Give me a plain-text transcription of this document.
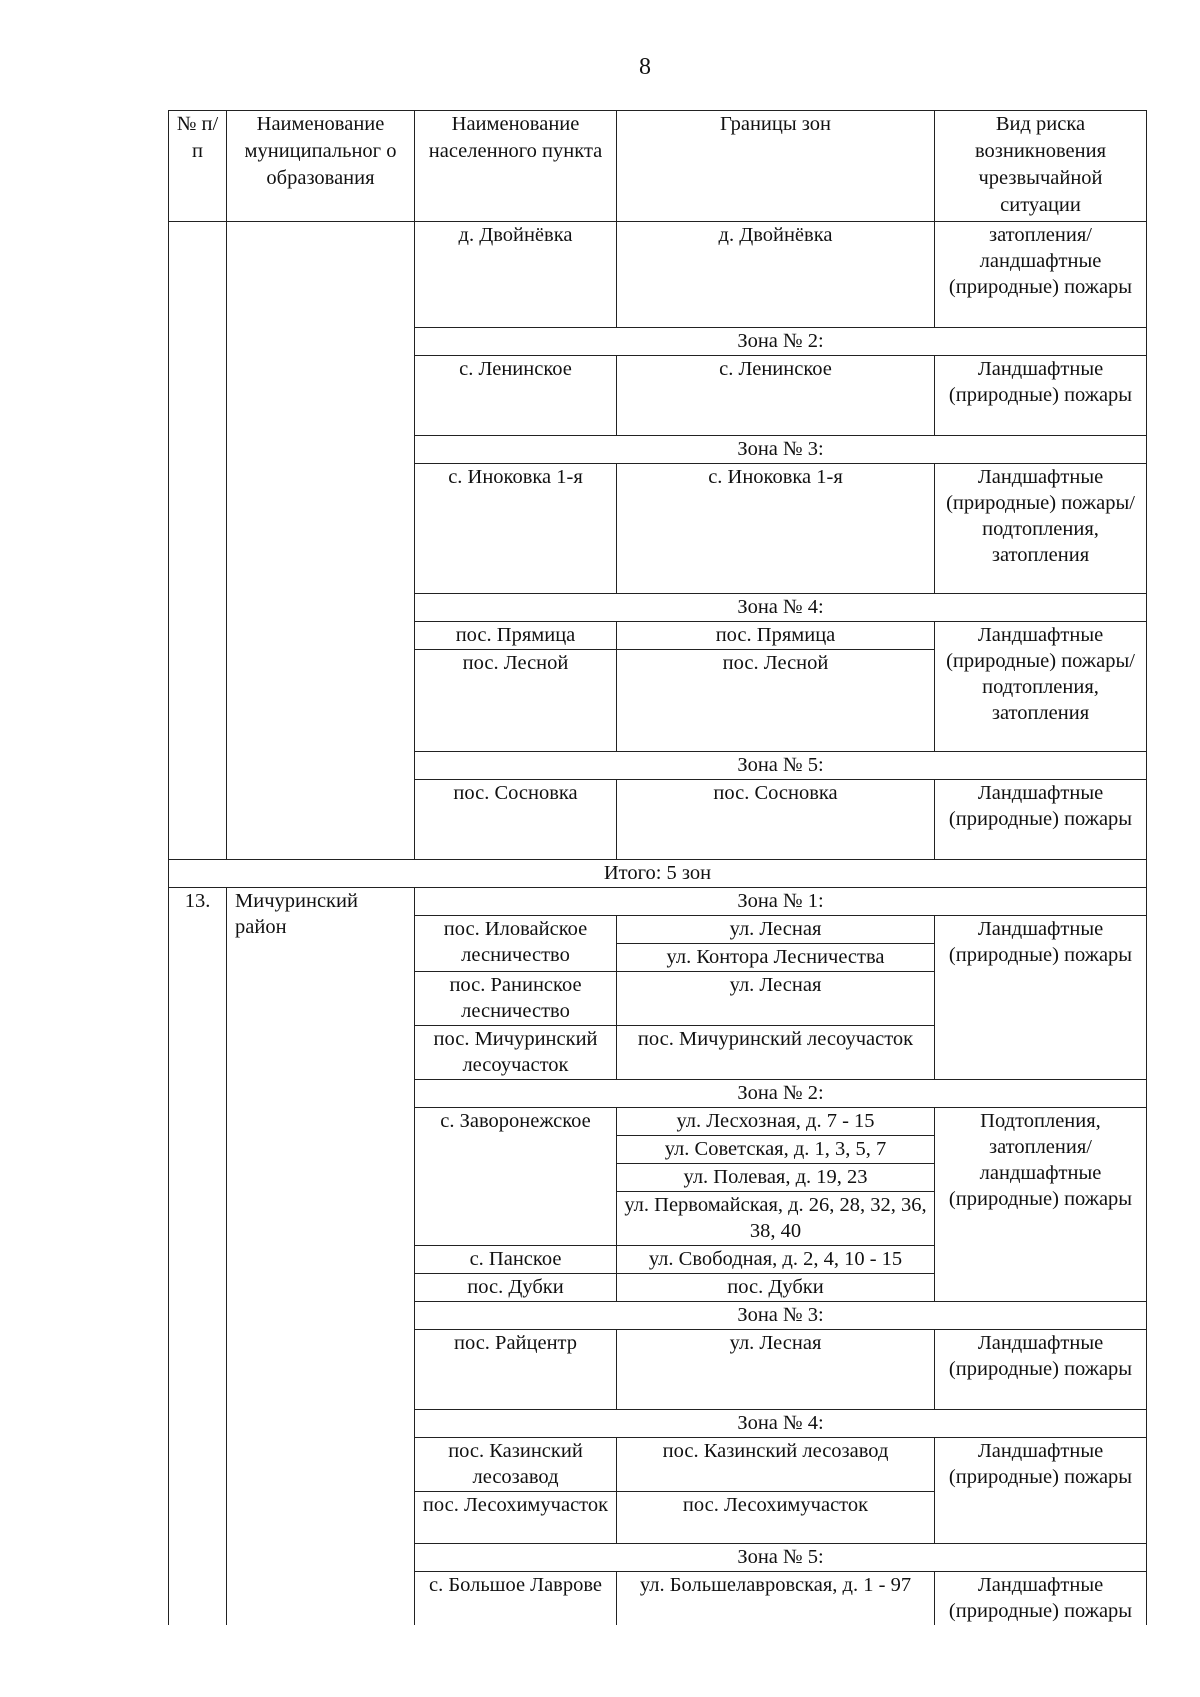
8
№ п/п	Наименование муниципальног о образования	Наименование населенного пункта	Границы зон	Вид риска возникновения чрезвычайной ситуации
		д. Двойнёвка	д. Двойнёвка	затопления/ ландшафтные (природные) пожары
		Зона № 2:		
		с. Ленинское	с. Ленинское	Ландшафтные (природные) пожары
		Зона № 3:		
		с. Иноковка 1-я	с. Иноковка 1-я	Ландшафтные (природные) пожары/ подтопления, затопления
		Зона № 4:		
		пос. Прямица	пос. Прямица	Ландшафтные (природные) пожары/ подтопления, затопления
		пос. Лесной	пос. Лесной	
		Зона № 5:		
		пос. Сосновка	пос. Сосновка	Ландшафтные (природные) пожары
Итого: 5 зон				
13.	Мичуринский район	Зона № 1:		
		пос. Иловайское лесничество	ул. Лесная	Ландшафтные (природные) пожары
			ул. Контора Лесничества	
		пос. Ранинское лесничество	ул. Лесная	
		пос. Мичуринский лесоучасток	пос. Мичуринский лесоучасток	
		Зона № 2:		
		с. Заворонежское	ул. Лесхозная, д. 7 - 15	Подтопления, затопления/ ландшафтные (природные) пожары
			ул. Советская, д. 1, 3, 5, 7	
			ул. Полевая, д. 19, 23	
			ул. Первомайская, д. 26, 28, 32, 36, 38, 40	
		с. Панское	ул. Свободная, д. 2, 4, 10 - 15	
		пос. Дубки	пос. Дубки	
		Зона № 3:		
		пос. Райцентр	ул. Лесная	Ландшафтные (природные) пожары
		Зона № 4:		
		пос. Казинский лесозавод	пос. Казинский лесозавод	Ландшафтные (природные) пожары
		пос. Лесохимучасток	пос. Лесохимучасток	
		Зона № 5:		
		с. Большое Лаврове	ул. Большелавровская, д. 1 - 97	Ландшафтные (природные) пожары
